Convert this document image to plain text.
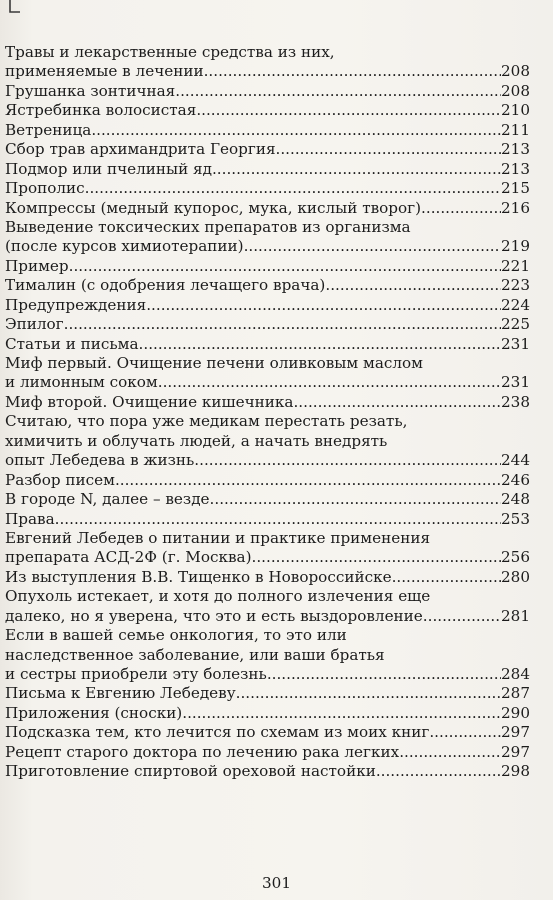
Травы и лекарственные средства из них,
применяемые в лечении .....	208
Грушанка зонтичная .....	208
Ястребинка волосистая .....	210
Ветреница .....	211
Сбор трав архимандрита Георгия .....	213
Подмор или пчелиный яд .....	213
Прополис .....	215
Компрессы (медный купорос, мука, кислый творог) .....	216
Выведение токсических препаратов из организма
(после курсов химиотерапии) .....	219
Пример .....	221
Тималин (с одобрения лечащего врача) .....	223
Предупреждения .....	224
Эпилог .....	225
Статьи и письма .....	231
Миф первый. Очищение печени оливковым маслом
и лимонным соком .....	231
Миф второй. Очищение кишечника .....	238
Считаю, что пора уже медикам перестать резать,
химичить и облучать людей, а начать внедрять
опыт Лебедева в жизнь .....	244
Разбор писем .....	246
В городе N, далее – везде .....	248
Права .....	253
Евгений Лебедев о питании и практике применения
препарата АСД-2Ф (г. Москва) .....	256
Из выступления В.В. Тищенко в Новороссийске .....	280
Опухоль истекает, и хотя до полного излечения еще
далеко, но я уверена, что это и есть выздоровление .....	281
Если в вашей семье онкология, то это или
наследственное заболевание, или ваши братья
и сестры приобрели эту болезнь .....	284
Письма к Евгению Лебедеву .....	287
Приложения (сноски) .....	290
Подсказка тем, кто лечится по схемам из моих книг .....	297
Рецепт старого доктора по лечению рака легких .....	297
Приготовление спиртовой ореховой настойки .....	298
301
